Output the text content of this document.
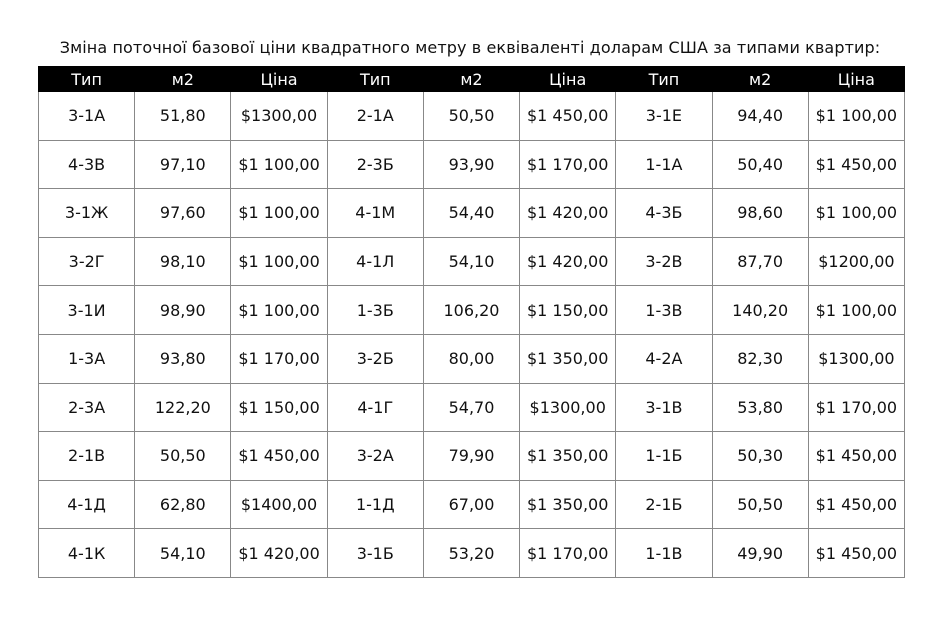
Зміна поточної базової ціни квадратного метру в еквіваленті доларам США за типами квартир:
Тип	м2	Ціна	Тип	м2	Ціна	Тип	м2	Ціна
3-1А	51,80	$1300,00	2-1А	50,50	$1 450,00	3-1Е	94,40	$1 100,00
4-3В	97,10	$1 100,00	2-3Б	93,90	$1 170,00	1-1А	50,40	$1 450,00
3-1Ж	97,60	$1 100,00	4-1М	54,40	$1 420,00	4-3Б	98,60	$1 100,00
3-2Г	98,10	$1 100,00	4-1Л	54,10	$1 420,00	3-2В	87,70	$1200,00
3-1И	98,90	$1 100,00	1-3Б	106,20	$1 150,00	1-3В	140,20	$1 100,00
1-3А	93,80	$1 170,00	3-2Б	80,00	$1 350,00	4-2А	82,30	$1300,00
2-3А	122,20	$1 150,00	4-1Г	54,70	$1300,00	3-1В	53,80	$1 170,00
2-1В	50,50	$1 450,00	3-2А	79,90	$1 350,00	1-1Б	50,30	$1 450,00
4-1Д	62,80	$1400,00	1-1Д	67,00	$1 350,00	2-1Б	50,50	$1 450,00
4-1К	54,10	$1 420,00	3-1Б	53,20	$1 170,00	1-1В	49,90	$1 450,00
